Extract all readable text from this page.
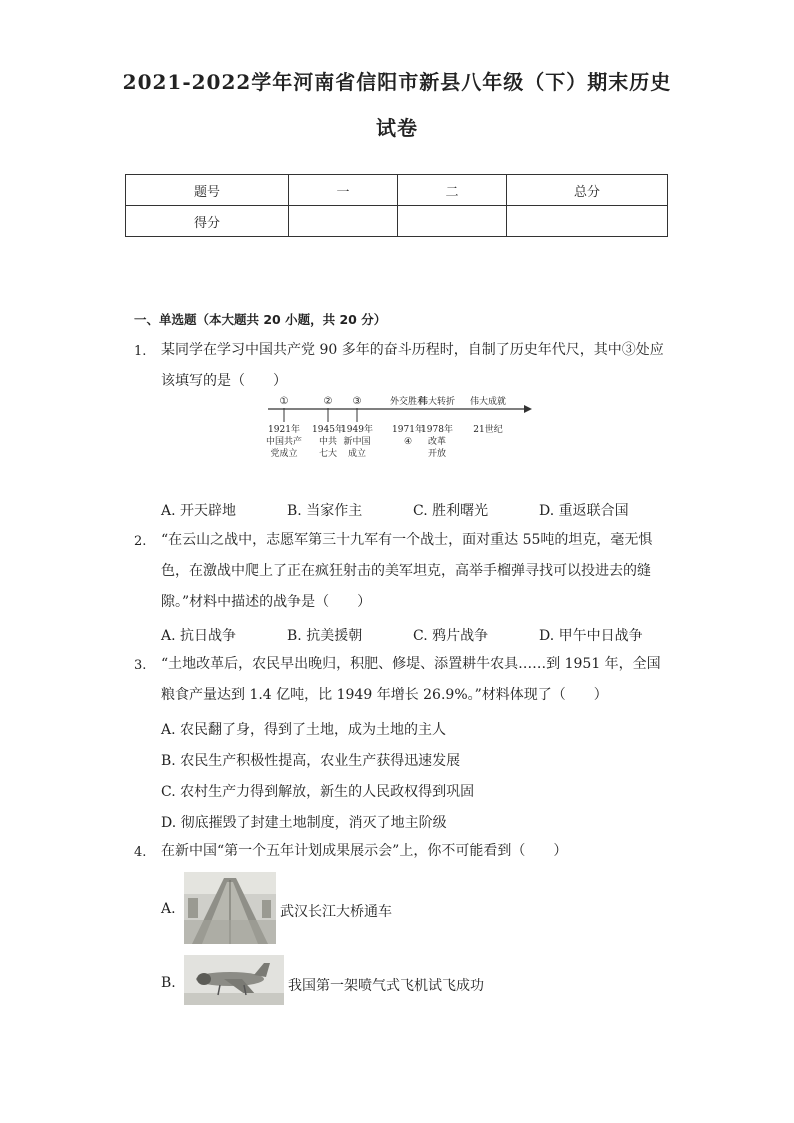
2021-2022学年河南省信阳市新县八年级（下）期末历史
试卷
题号	一	二	总分
得分			
一、单选题（本大题共 20 小题，共 20 分）
1. 某同学在学习中国共产党 90 多年的奋斗历程时，自制了历史年代尺，其中③处应该填写的是（　　）
①
1921年
中国共产
党成立
②
1945年
中共
七大
③
1949年
新中国
成立
外交胜利
1971年
④
伟大转折
1978年
改革
开放
伟大成就
21世纪
A. 开天辟地	B. 当家作主	C. 胜利曙光	D. 重返联合国
2. “在云山之战中，志愿军第三十九军有一个战士，面对重达 55吨的坦克，毫无惧色，在激战中爬上了正在疯狂射击的美军坦克，高举手榴弹寻找可以投进去的缝隙。”材料中描述的战争是（　　）
A. 抗日战争	B. 抗美援朝	C. 鸦片战争	D. 甲午中日战争
3. “土地改革后，农民早出晚归，积肥、修堤、添置耕牛农具……到 1951 年，全国粮食产量达到 1.4 亿吨，比 1949 年增长 26.9%。”材料体现了（　　）
A. 农民翻了身，得到了土地，成为土地的主人
B. 农民生产积极性提高，农业生产获得迅速发展
C. 农村生产力得到解放，新生的人民政权得到巩固
D. 彻底摧毁了封建土地制度，消灭了地主阶级
4. 在新中国“第一个五年计划成果展示会”上，你不可能看到（　　）
A.	武汉长江大桥通车
B.	我国第一架喷气式飞机试飞成功
